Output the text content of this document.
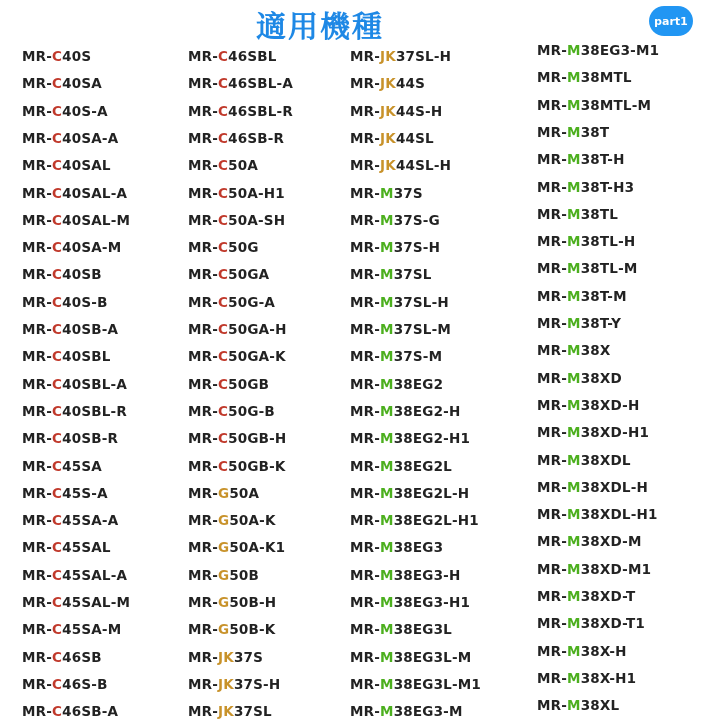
適用機種	part1
MR-C40S
MR-C40SA
MR-C40S-A
MR-C40SA-A
MR-C40SAL
MR-C40SAL-A
MR-C40SAL-M
MR-C40SA-M
MR-C40SB
MR-C40S-B
MR-C40SB-A
MR-C40SBL
MR-C40SBL-A
MR-C40SBL-R
MR-C40SB-R
MR-C45SA
MR-C45S-A
MR-C45SA-A
MR-C45SAL
MR-C45SAL-A
MR-C45SAL-M
MR-C45SA-M
MR-C46SB
MR-C46S-B
MR-C46SB-A
MR-C46SBL
MR-C46SBL-A
MR-C46SBL-R
MR-C46SB-R
MR-C50A
MR-C50A-H1
MR-C50A-SH
MR-C50G
MR-C50GA
MR-C50G-A
MR-C50GA-H
MR-C50GA-K
MR-C50GB
MR-C50G-B
MR-C50GB-H
MR-C50GB-K
MR-G50A
MR-G50A-K
MR-G50A-K1
MR-G50B
MR-G50B-H
MR-G50B-K
MR-JK37S
MR-JK37S-H
MR-JK37SL
MR-JK37SL-H
MR-JK44S
MR-JK44S-H
MR-JK44SL
MR-JK44SL-H
MR-M37S
MR-M37S-G
MR-M37S-H
MR-M37SL
MR-M37SL-H
MR-M37SL-M
MR-M37S-M
MR-M38EG2
MR-M38EG2-H
MR-M38EG2-H1
MR-M38EG2L
MR-M38EG2L-H
MR-M38EG2L-H1
MR-M38EG3
MR-M38EG3-H
MR-M38EG3-H1
MR-M38EG3L
MR-M38EG3L-M
MR-M38EG3L-M1
MR-M38EG3-M
MR-M38EG3-M1
MR-M38MTL
MR-M38MTL-M
MR-M38T
MR-M38T-H
MR-M38T-H3
MR-M38TL
MR-M38TL-H
MR-M38TL-M
MR-M38T-M
MR-M38T-Y
MR-M38X
MR-M38XD
MR-M38XD-H
MR-M38XD-H1
MR-M38XDL
MR-M38XDL-H
MR-M38XDL-H1
MR-M38XD-M
MR-M38XD-M1
MR-M38XD-T
MR-M38XD-T1
MR-M38X-H
MR-M38X-H1
MR-M38XL
